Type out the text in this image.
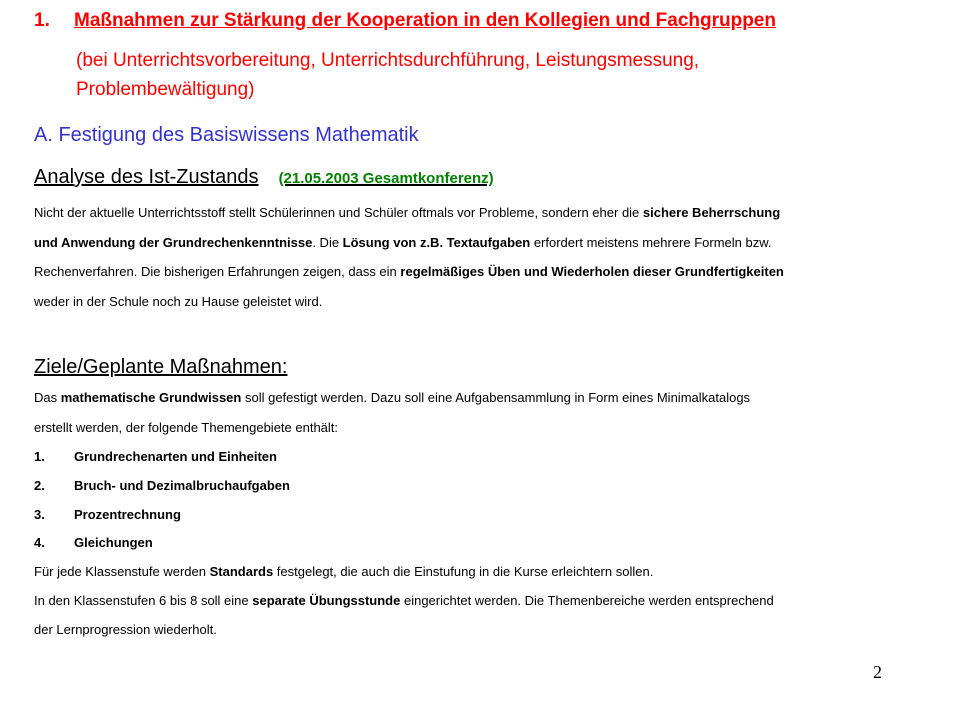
1. Maßnahmen zur Stärkung der Kooperation in den Kollegien und Fachgruppen
(bei Unterrichtsvorbereitung, Unterrichtsdurchführung, Leistungsmessung,
Problembewältigung)
A. Festigung des Basiswissens Mathematik
Analyse des Ist-Zustands (21.05.2003 Gesamtkonferenz)
Nicht der aktuelle Unterrichtsstoff stellt Schülerinnen und Schüler oftmals vor Probleme, sondern eher die sichere Beherrschung
und Anwendung der Grundrechenkenntnisse. Die Lösung von z.B. Textaufgaben erfordert meistens mehrere Formeln bzw.
Rechenverfahren. Die bisherigen Erfahrungen zeigen, dass ein regelmäßiges Üben und Wiederholen dieser Grundfertigkeiten
weder in der Schule noch zu Hause geleistet wird.
Ziele/Geplante Maßnahmen:
Das mathematische Grundwissen soll gefestigt werden. Dazu soll eine Aufgabensammlung in Form eines Minimalkatalogs
erstellt werden, der folgende Themengebiete enthält:
1. Grundrechenarten und Einheiten
2. Bruch- und Dezimalbruchaufgaben
3. Prozentrechnung
4. Gleichungen
Für jede Klassenstufe werden Standards festgelegt, die auch die Einstufung in die Kurse erleichtern sollen.
In den Klassenstufen 6 bis 8 soll eine separate Übungsstunde eingerichtet werden. Die Themenbereiche werden entsprechend
der Lernprogression wiederholt.
2
